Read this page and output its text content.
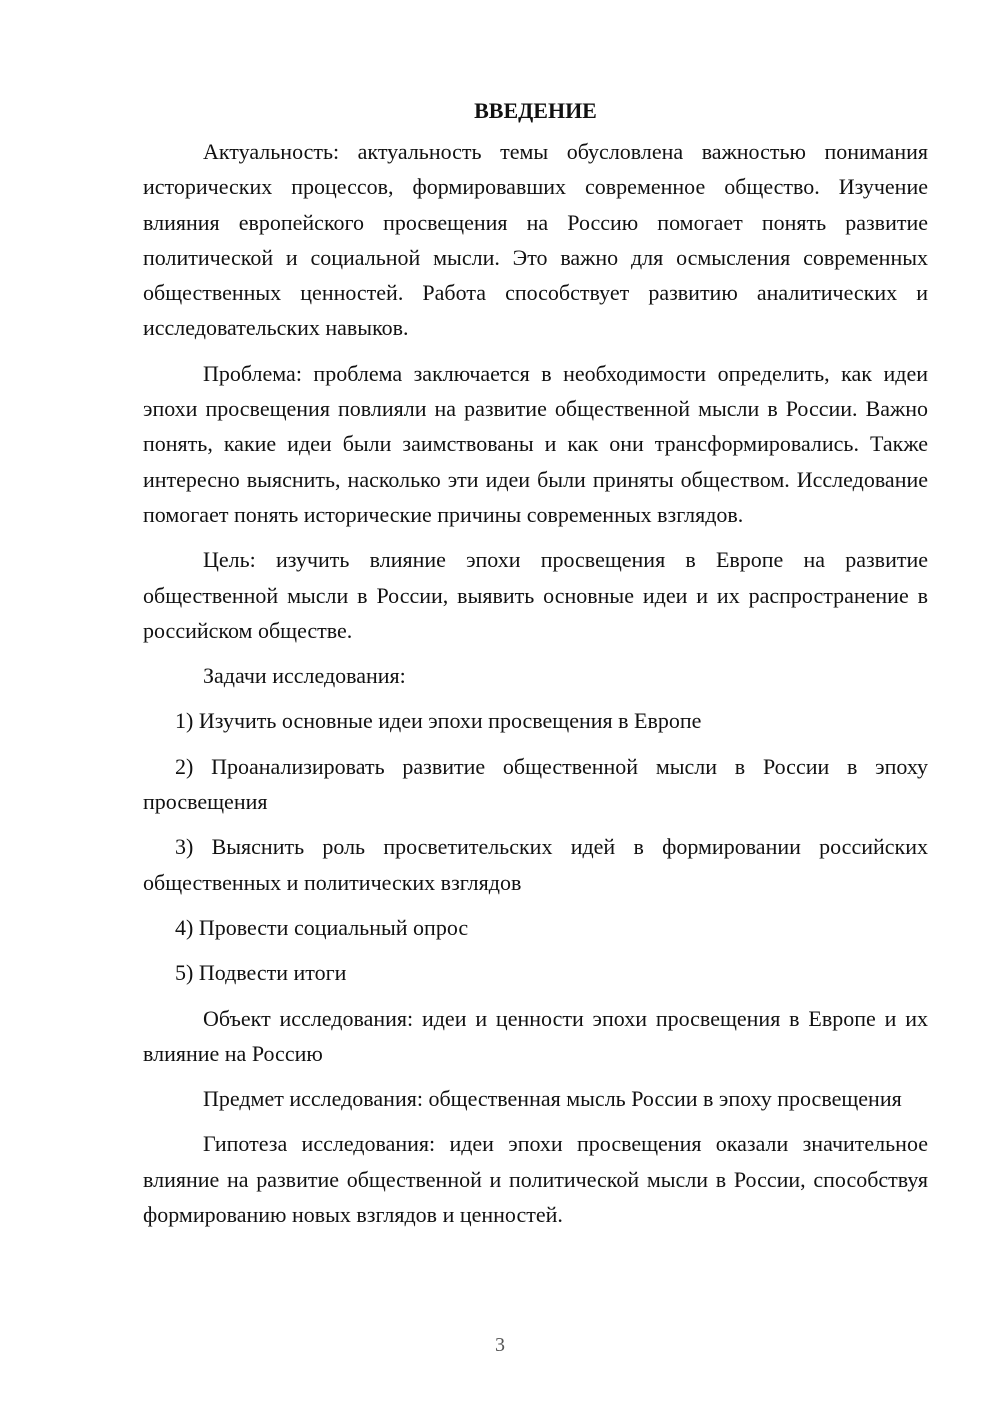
ВВЕДЕНИЕ

Актуальность: актуальность темы обусловлена важностью понимания исторических процессов, формировавших современное общество. Изучение влияния европейского просвещения на Россию помогает понять развитие политической и социальной мысли. Это важно для осмысления современных общественных ценностей. Работа способствует развитию аналитических и исследовательских навыков.

Проблема: проблема заключается в необходимости определить, как идеи эпохи просвещения повлияли на развитие общественной мысли в России. Важно понять, какие идеи были заимствованы и как они трансформировались. Также интересно выяснить, насколько эти идеи были приняты обществом. Исследование помогает понять исторические причины современных взглядов.

Цель: изучить влияние эпохи просвещения в Европе на развитие общественной мысли в России, выявить основные идеи и их распространение в российском обществе.

Задачи исследования:

1) Изучить основные идеи эпохи просвещения в Европе

2) Проанализировать развитие общественной мысли в России в эпоху просвещения

3) Выяснить роль просветительских идей в формировании российских общественных и политических взглядов

4) Провести социальный опрос

5) Подвести итоги

Объект исследования: идеи и ценности эпохи просвещения в Европе и их влияние на Россию

Предмет исследования: общественная мысль России в эпоху просвещения

Гипотеза исследования: идеи эпохи просвещения оказали значительное влияние на развитие общественной и политической мысли в России, способствуя формированию новых взглядов и ценностей.

3
